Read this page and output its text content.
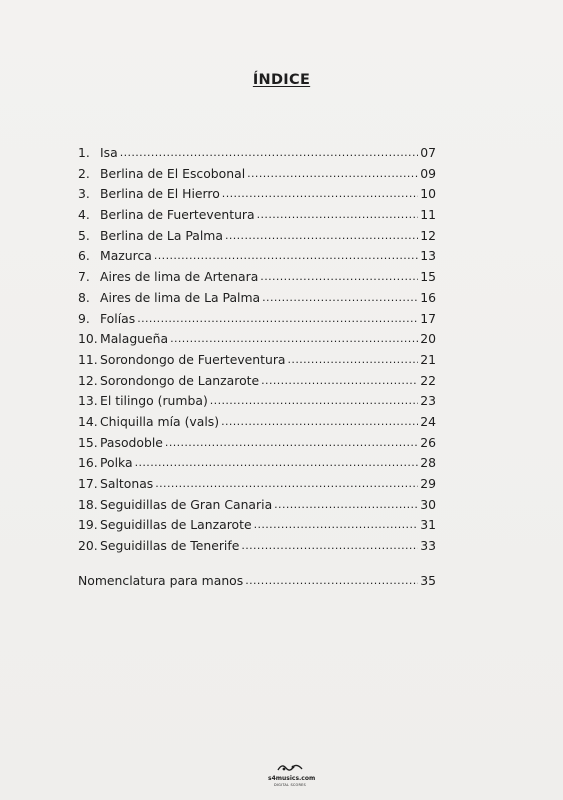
ÍNDICE
1. Isa .....	07
2. Berlina de El Escobonal .....	09
3. Berlina de El Hierro .....	10
4. Berlina de Fuerteventura .....	11
5. Berlina de La Palma .....	12
6. Mazurca .....	13
7. Aires de lima de Artenara .....	15
8. Aires de lima de La Palma .....	16
9. Folías .....	17
10. Malagueña .....	20
11. Sorondongo de Fuerteventura .....	21
12. Sorondongo de Lanzarote .....	22
13. El tilingo (rumba) .....	23
14. Chiquilla mía (vals) .....	24
15. Pasodoble .....	26
16. Polka .....	28
17. Saltonas .....	29
18. Seguidillas de Gran Canaria .....	30
19. Seguidillas de Lanzarote .....	31
20. Seguidillas de Tenerife .....	33
Nomenclatura para manos .....	35
s4musics.com
DIGITAL SCORES
